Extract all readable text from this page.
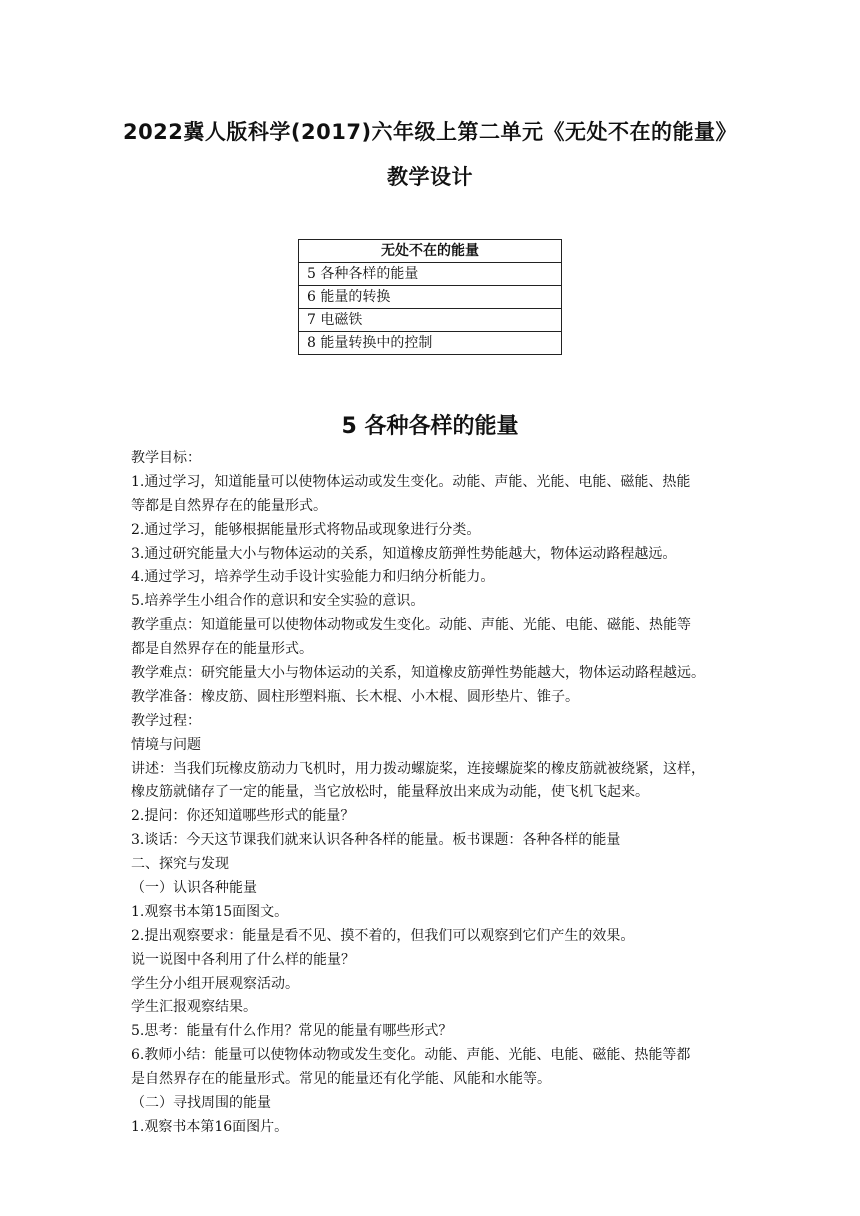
2022冀人版科学(2017)六年级上第二单元《无处不在的能量》
教学设计
无处不在的能量
5 各种各样的能量
6 能量的转换
7 电磁铁
8 能量转换中的控制
5 各种各样的能量
教学目标：
1.通过学习，知道能量可以使物体运动或发生变化。动能、声能、光能、电能、磁能、热能
等都是自然界存在的能量形式。
2.通过学习，能够根据能量形式将物品或现象进行分类。
3.通过研究能量大小与物体运动的关系，知道橡皮筋弹性势能越大，物体运动路程越远。
4.通过学习，培养学生动手设计实验能力和归纳分析能力。
5.培养学生小组合作的意识和安全实验的意识。
教学重点：知道能量可以使物体动物或发生变化。动能、声能、光能、电能、磁能、热能等
都是自然界存在的能量形式。
教学难点：研究能量大小与物体运动的关系，知道橡皮筋弹性势能越大，物体运动路程越远。
教学准备：橡皮筋、圆柱形塑料瓶、长木棍、小木棍、圆形垫片、锥子。
教学过程：
情境与问题
讲述：当我们玩橡皮筋动力飞机时，用力拨动螺旋桨，连接螺旋桨的橡皮筋就被绕紧，这样，
橡皮筋就储存了一定的能量，当它放松时，能量释放出来成为动能，使飞机飞起来。
2.提问：你还知道哪些形式的能量？
3.谈话：今天这节课我们就来认识各种各样的能量。板书课题：各种各样的能量
二、探究与发现
（一）认识各种能量
1.观察书本第15面图文。
2.提出观察要求：能量是看不见、摸不着的，但我们可以观察到它们产生的效果。
说一说图中各利用了什么样的能量？
学生分小组开展观察活动。
学生汇报观察结果。
5.思考：能量有什么作用？常见的能量有哪些形式？
6.教师小结：能量可以使物体动物或发生变化。动能、声能、光能、电能、磁能、热能等都
是自然界存在的能量形式。常见的能量还有化学能、风能和水能等。
（二）寻找周围的能量
1.观察书本第16面图片。
